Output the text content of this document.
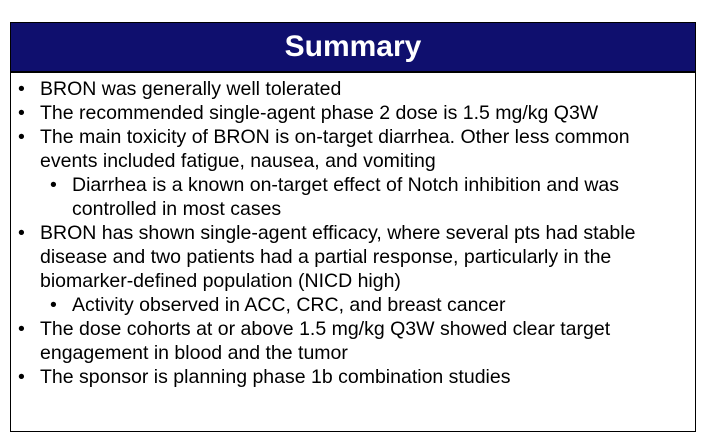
Summary
• BRON was generally well tolerated
• The recommended single-agent phase 2 dose is 1.5 mg/kg Q3W
• The main toxicity of BRON is on-target diarrhea. Other less common events included fatigue, nausea, and vomiting
• Diarrhea is a known on-target effect of Notch inhibition and was controlled in most cases
• BRON has shown single-agent efficacy, where several pts had stable disease and two patients had a partial response, particularly in the biomarker-defined population (NICD high)
• Activity observed in ACC, CRC, and breast cancer
• The dose cohorts at or above 1.5 mg/kg Q3W showed clear target engagement in blood and the tumor
• The sponsor is planning phase 1b combination studies
